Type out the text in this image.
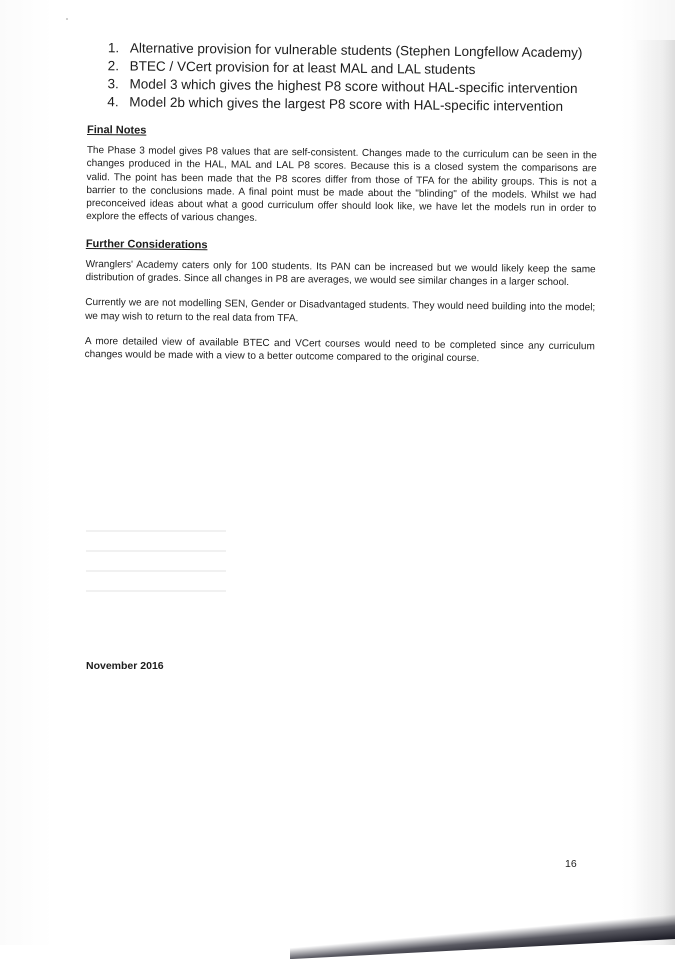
1. Alternative provision for vulnerable students (Stephen Longfellow Academy)
2. BTEC / VCert provision for at least MAL and LAL students
3. Model 3 which gives the highest P8 score without HAL-specific intervention
4. Model 2b which gives the largest P8 score with HAL-specific intervention
Final Notes

The Phase 3 model gives P8 values that are self-consistent. Changes made to the curriculum can be seen in the changes produced in the HAL, MAL and LAL P8 scores. Because this is a closed system the comparisons are valid. The point has been made that the P8 scores differ from those of TFA for the ability groups. This is not a barrier to the conclusions made. A final point must be made about the "blinding" of the models. Whilst we had preconceived ideas about what a good curriculum offer should look like, we have let the models run in order to explore the effects of various changes.

Further Considerations

Wranglers' Academy caters only for 100 students. Its PAN can be increased but we would likely keep the same distribution of grades. Since all changes in P8 are averages, we would see similar changes in a larger school.

Currently we are not modelling SEN, Gender or Disadvantaged students. They would need building into the model; we may wish to return to the real data from TFA.

A more detailed view of available BTEC and VCert courses would need to be completed since any curriculum changes would be made with a view to a better outcome compared to the original course.

November 2016
16
